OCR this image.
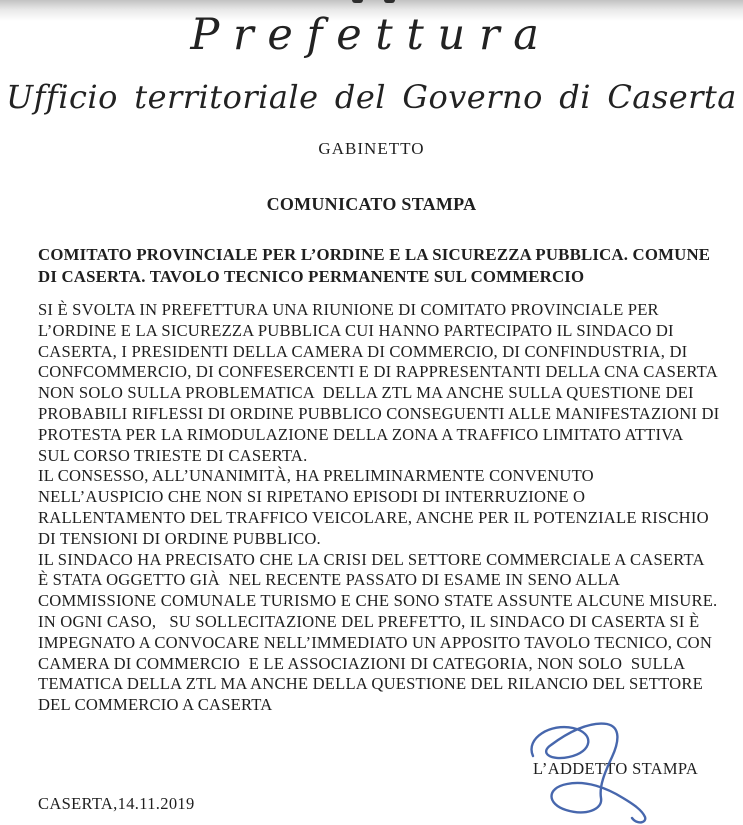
Prefettura
Ufficio territoriale del Governo di Caserta
GABINETTO
COMUNICATO STAMPA
COMITATO PROVINCIALE PER L’ORDINE E LA SICUREZZA PUBBLICA. COMUNE
DI CASERTA. TAVOLO TECNICO PERMANENTE SUL COMMERCIO
SI È SVOLTA IN PREFETTURA UNA RIUNIONE DI COMITATO PROVINCIALE PER
L’ORDINE E LA SICUREZZA PUBBLICA CUI HANNO PARTECIPATO IL SINDACO DI
CASERTA, I PRESIDENTI DELLA CAMERA DI COMMERCIO, DI CONFINDUSTRIA, DI
CONFCOMMERCIO, DI CONFESERCENTI E DI RAPPRESENTANTI DELLA CNA CASERTA
NON SOLO SULLA PROBLEMATICA  DELLA ZTL MA ANCHE SULLA QUESTIONE DEI
PROBABILI RIFLESSI DI ORDINE PUBBLICO CONSEGUENTI ALLE MANIFESTAZIONI DI
PROTESTA PER LA RIMODULAZIONE DELLA ZONA A TRAFFICO LIMITATO ATTIVA
SUL CORSO TRIESTE DI CASERTA.
IL CONSESSO, ALL’UNANIMITÀ, HA PRELIMINARMENTE CONVENUTO
NELL’AUSPICIO CHE NON SI RIPETANO EPISODI DI INTERRUZIONE O
RALLENTAMENTO DEL TRAFFICO VEICOLARE, ANCHE PER IL POTENZIALE RISCHIO
DI TENSIONI DI ORDINE PUBBLICO.
IL SINDACO HA PRECISATO CHE LA CRISI DEL SETTORE COMMERCIALE A CASERTA
È STATA OGGETTO GIÀ  NEL RECENTE PASSATO DI ESAME IN SENO ALLA
COMMISSIONE COMUNALE TURISMO E CHE SONO STATE ASSUNTE ALCUNE MISURE.
IN OGNI CASO,   SU SOLLECITAZIONE DEL PREFETTO, IL SINDACO DI CASERTA SI È
IMPEGNATO A CONVOCARE NELL’IMMEDIATO UN APPOSITO TAVOLO TECNICO, CON
CAMERA DI COMMERCIO  E LE ASSOCIAZIONI DI CATEGORIA, NON SOLO  SULLA
TEMATICA DELLA ZTL MA ANCHE DELLA QUESTIONE DEL RILANCIO DEL SETTORE
DEL COMMERCIO A CASERTA
L’ADDETTO STAMPA
CASERTA,14.11.2019
